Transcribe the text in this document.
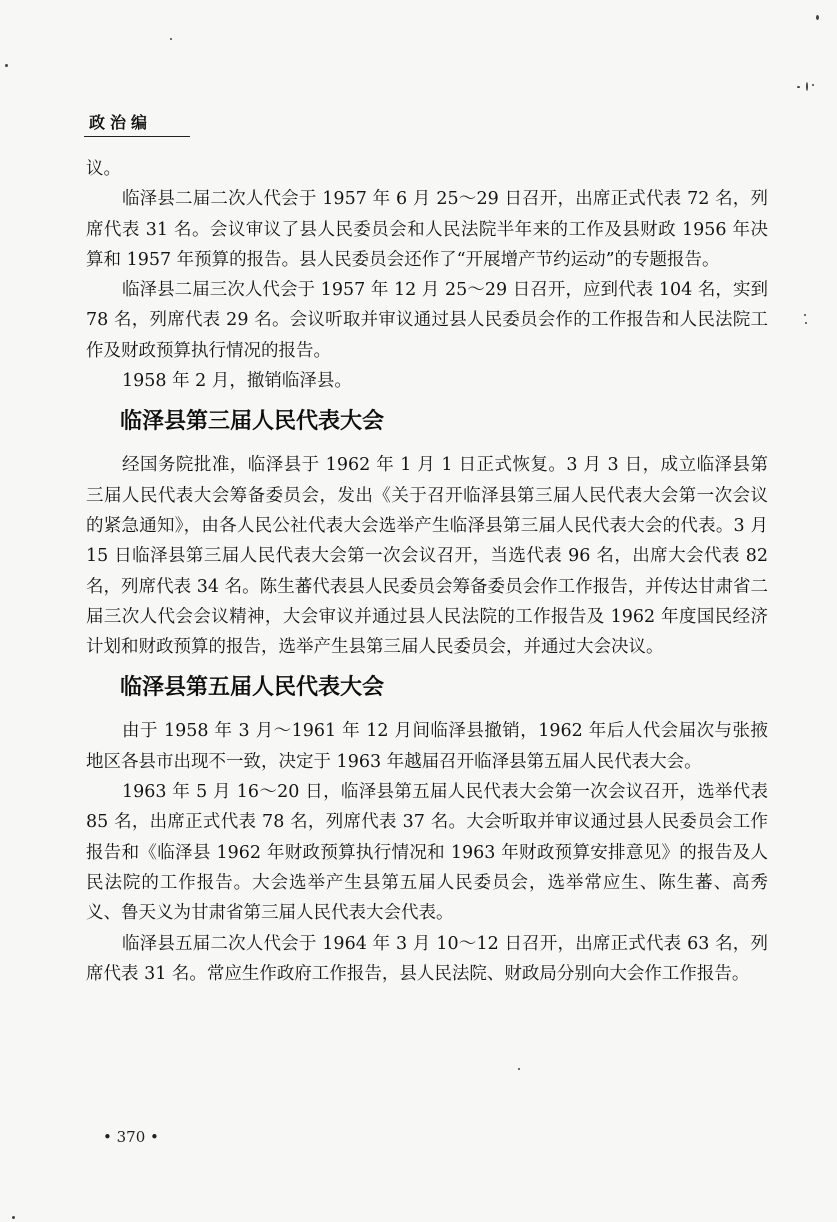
政治编

议。

临泽县二届二次人代会于 1957 年 6 月 25～29 日召开，出席正式代表 72 名，列席代表 31 名。会议审议了县人民委员会和人民法院半年来的工作及县财政 1956 年决算和 1957 年预算的报告。县人民委员会还作了“开展增产节约运动”的专题报告。

临泽县二届三次人代会于 1957 年 12 月 25～29 日召开，应到代表 104 名，实到 78 名，列席代表 29 名。会议听取并审议通过县人民委员会作的工作报告和人民法院工作及财政预算执行情况的报告。

1958 年 2 月，撤销临泽县。

临泽县第三届人民代表大会

经国务院批准，临泽县于 1962 年 1 月 1 日正式恢复。3 月 3 日，成立临泽县第三届人民代表大会筹备委员会，发出《关于召开临泽县第三届人民代表大会第一次会议的紧急通知》，由各人民公社代表大会选举产生临泽县第三届人民代表大会的代表。3 月 15 日临泽县第三届人民代表大会第一次会议召开，当选代表 96 名，出席大会代表 82 名，列席代表 34 名。陈生蕃代表县人民委员会筹备委员会作工作报告，并传达甘肃省二届三次人代会会议精神，大会审议并通过县人民法院的工作报告及 1962 年度国民经济计划和财政预算的报告，选举产生县第三届人民委员会，并通过大会决议。

临泽县第五届人民代表大会

由于 1958 年 3 月～1961 年 12 月间临泽县撤销，1962 年后人代会届次与张掖地区各县市出现不一致，决定于 1963 年越届召开临泽县第五届人民代表大会。

1963 年 5 月 16～20 日，临泽县第五届人民代表大会第一次会议召开，选举代表 85 名，出席正式代表 78 名，列席代表 37 名。大会听取并审议通过县人民委员会工作报告和《临泽县 1962 年财政预算执行情况和 1963 年财政预算安排意见》的报告及人民法院的工作报告。大会选举产生县第五届人民委员会，选举常应生、陈生蕃、高秀义、鲁天义为甘肃省第三届人民代表大会代表。

临泽县五届二次人代会于 1964 年 3 月 10～12 日召开，出席正式代表 63 名，列席代表 31 名。常应生作政府工作报告，县人民法院、财政局分别向大会作工作报告。

• 370 •
